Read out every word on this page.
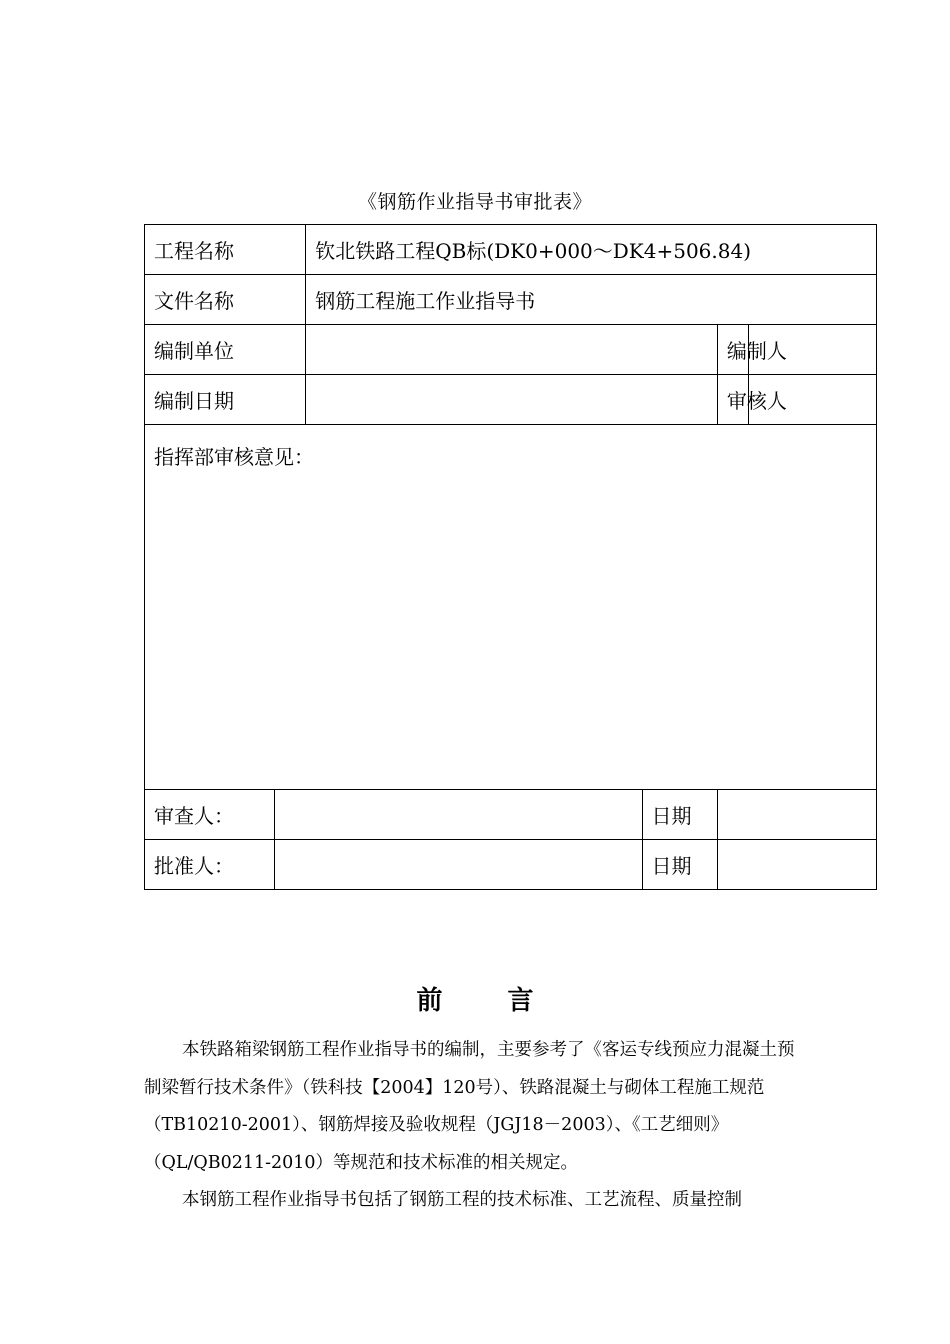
《钢筋作业指导书审批表》
工程名称		钦北铁路工程QB标(DK0+000～DK4+506.84)			
文件名称		钢筋工程施工作业指导书			
编制单位				编制人	
编制日期				审核人	
指挥部审核意见：					
审查人：			日期		
批准人：			日期		
前 言

本铁路箱梁钢筋工程作业指导书的编制，主要参考了《客运专线预应力混凝土预制梁暂行技术条件》（铁科技【2004】120号）、铁路混凝土与砌体工程施工规范（TB10210-2001）、钢筋焊接及验收规程（JGJ18－2003）、《工艺细则》（QL/QB0211-2010）等规范和技术标准的相关规定。

本钢筋工程作业指导书包括了钢筋工程的技术标准、工艺流程、质量控制
